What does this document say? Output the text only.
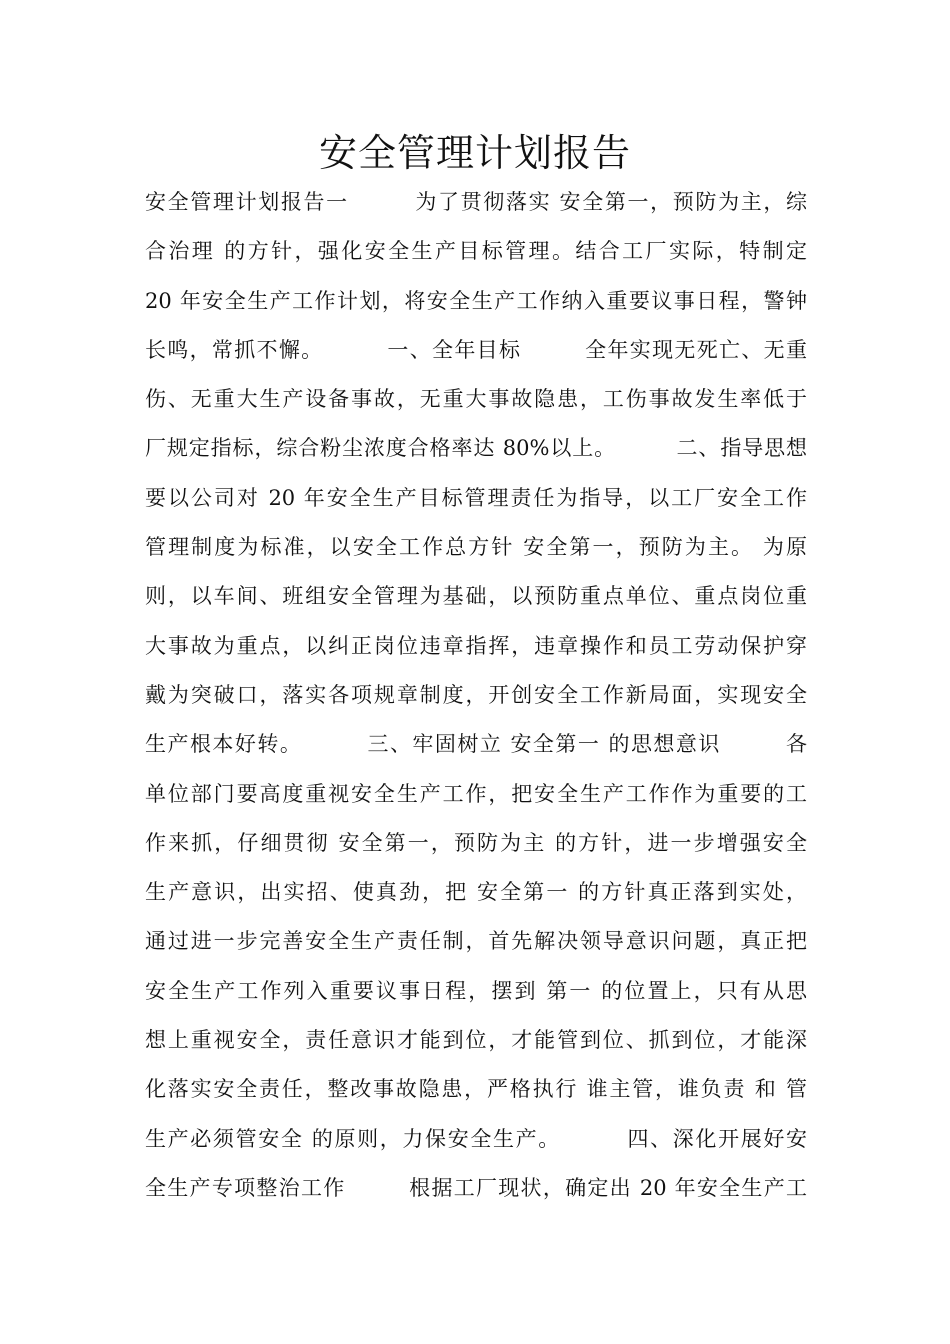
安全管理计划报告
安全管理计划报告一        为了贯彻落实 安全第一，预防为主，综
合治理 的方针，强化安全生产目标管理。结合工厂实际，特制定
20 年安全生产工作计划，将安全生产工作纳入重要议事日程，警钟
长鸣，常抓不懈。        一、全年目标        全年实现无死亡、无重
伤、无重大生产设备事故，无重大事故隐患，工伤事故发生率低于
厂规定指标，综合粉尘浓度合格率达 80%以上。        二、指导思想
要以公司对 20 年安全生产目标管理责任为指导，以工厂安全工作
管理制度为标准，以安全工作总方针 安全第一，预防为主。 为原
则，以车间、班组安全管理为基础，以预防重点单位、重点岗位重
大事故为重点，以纠正岗位违章指挥，违章操作和员工劳动保护穿
戴为突破口，落实各项规章制度，开创安全工作新局面，实现安全
生产根本好转。        三、牢固树立 安全第一 的思想意识        各
单位部门要高度重视安全生产工作，把安全生产工作作为重要的工
作来抓，仔细贯彻 安全第一，预防为主 的方针，进一步增强安全
生产意识，出实招、使真劲，把 安全第一 的方针真正落到实处，
通过进一步完善安全生产责任制，首先解决领导意识问题，真正把
安全生产工作列入重要议事日程，摆到 第一 的位置上，只有从思
想上重视安全，责任意识才能到位，才能管到位、抓到位，才能深
化落实安全责任，整改事故隐患，严格执行 谁主管，谁负责 和 管
生产必须管安全 的原则，力保安全生产。        四、深化开展好安
全生产专项整治工作        根据工厂现状，确定出 20 年安全生产工
